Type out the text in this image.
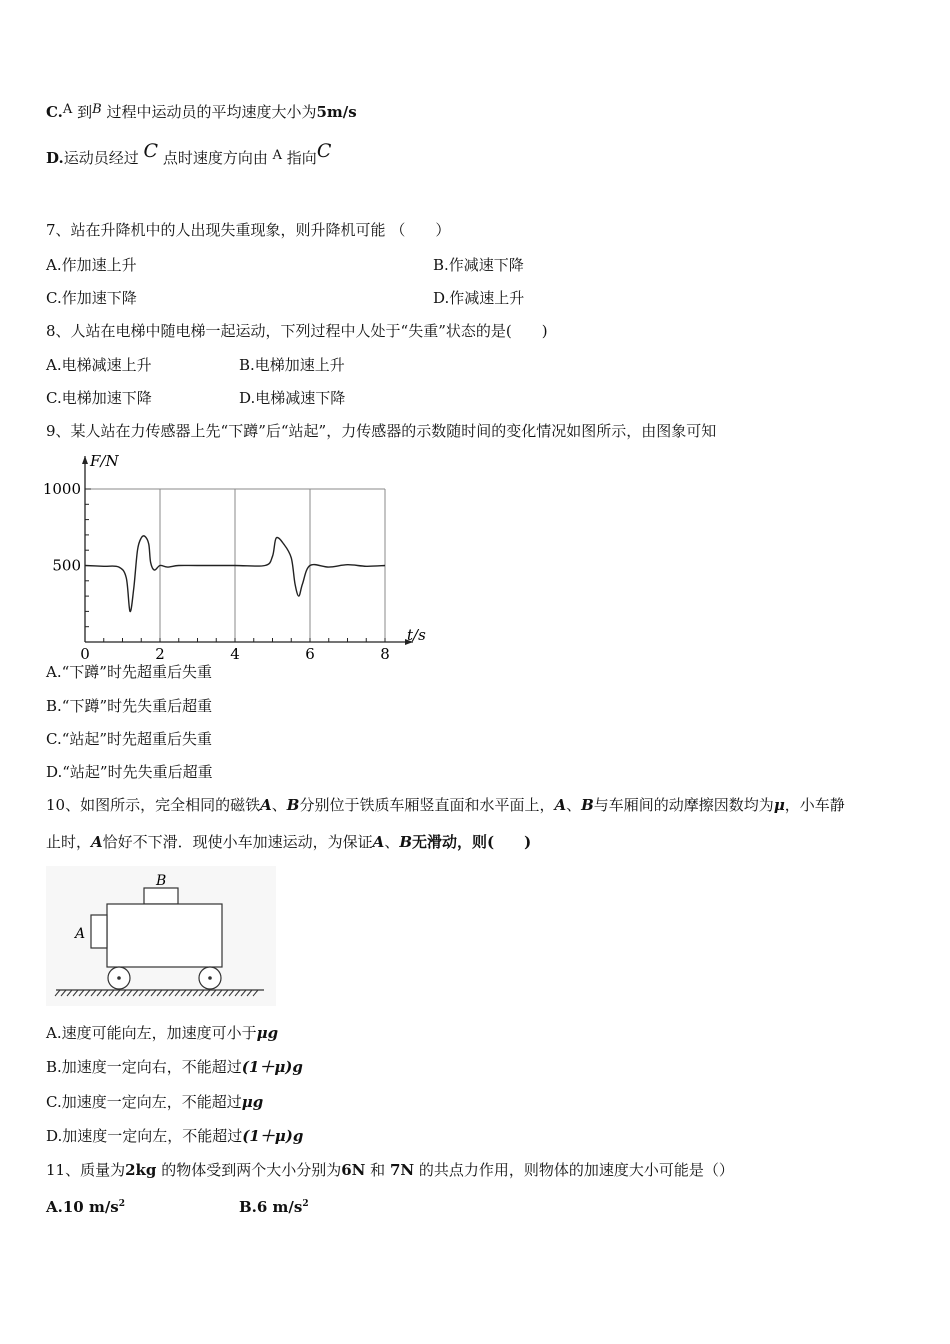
C.A 到B 过程中运动员的平均速度大小为5m/s
D.运动员经过 C 点时速度方向由 A 指向C
7、站在升降机中的人出现失重现象，则升降机可能 （　　）
A.作加速上升	B.作减速下降
C.作加速下降	D.作减速上升
8、人站在电梯中随电梯一起运动，下列过程中人处于“失重”状态的是(　　)
A.电梯减速上升	B.电梯加速上升
C.电梯加速下降	D.电梯减速下降
9、某人站在力传感器上先“下蹲”后“站起”，力传感器的示数随时间的变化情况如图所示，由图象可知
0	2	4	6	8
500
1000
F/N
t/s
A.“下蹲”时先超重后失重
B.“下蹲”时先失重后超重
C.“站起”时先超重后失重
D.“站起”时先失重后超重
10、如图所示，完全相同的磁铁A、B分别位于铁质车厢竖直面和水平面上，A、B与车厢间的动摩擦因数均为μ，小车静
止时，A恰好不下滑．现使小车加速运动，为保证A、B无滑动，则(　　)
B
A
A.速度可能向左，加速度可小于μg
B.加速度一定向右，不能超过(1＋μ)g
C.加速度一定向左，不能超过μg
D.加速度一定向左，不能超过(1＋μ)g
11、质量为2kg 的物体受到两个大小分别为6N 和 7N 的共点力作用，则物体的加速度大小可能是（）
A.10 $m/s^2$	B.6 $m/s^2$
